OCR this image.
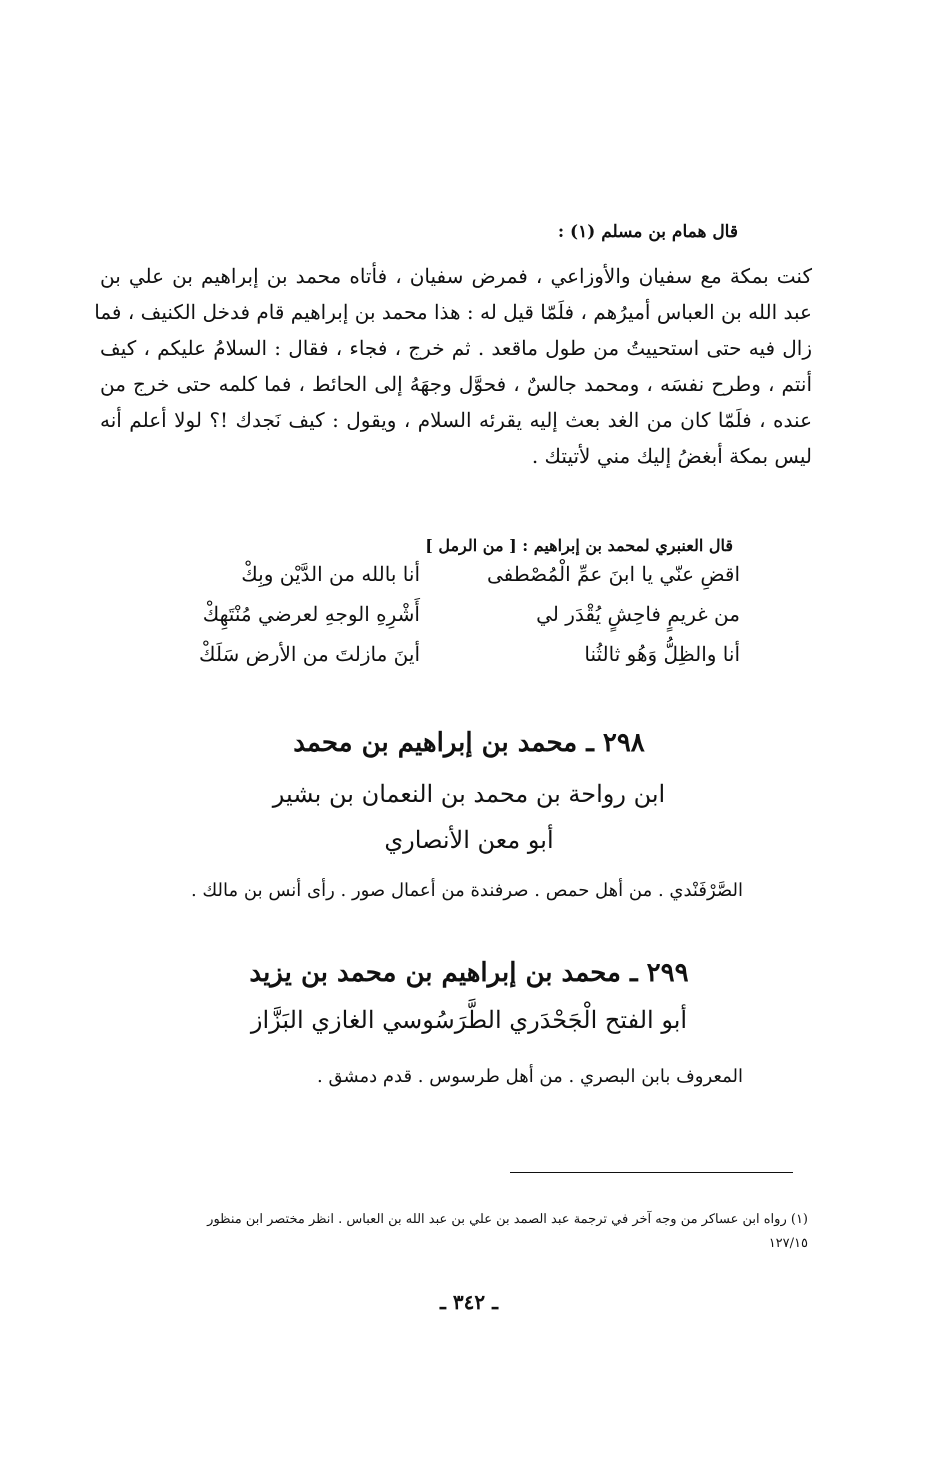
قال همام بن مسلم (١) :
كنت بمكة مع سفيان والأوزاعي ، فمرض سفيان ، فأتاه محمد بن إبراهيم بن علي بن
عبد الله بن العباس أميرُهم ، فلَمّا قيل له : هذا محمد بن إبراهيم قام فدخل الكنيف ، فما
زال فيه حتى استحييتُ من طول ماقعد . ثم خرج ، فجاء ، فقال : السلامُ عليكم ، كيف
أنتم ، وطرح نفسَه ، ومحمد جالسٌ ، فحوَّل وجهَهُ إلى الحائط ، فما كلمه حتى خرج من
عنده ، فلَمّا كان من الغد بعث إليه يقرئه السلام ، ويقول : كيف نَجدك !؟ لولا أعلم أنه
ليس بمكة أبغضُ إليك مني لأتيتك .
قال العنبري لمحمد بن إبراهيم : [ من الرمل ]
اقضِ عنّي يا ابنَ عمِّ الْمُصْطفى
أنا بالله من الدَّيْن وبِكْ
من غريمٍ فاحِشٍ يُقْدَر لي
أَشْرِهِ الوجهِ لعرضي مُنْتَهِكْ
أنا والظِلُّ وَهُو ثالثُنا
أينَ مازلتَ من الأرض سَلَكْ
٢٩٨ ـ محمد بن إبراهيم بن محمد
ابن رواحة بن محمد بن النعمان بن بشير
أبو معن الأنصاري
الصَّرْفَنْدي . من أهل حمص . صرفندة من أعمال صور . رأى أنس بن مالك .
٢٩٩ ـ محمد بن إبراهيم بن محمد بن يزيد
أبو الفتح الْجَحْدَري الطَّرَسُوسي الغازي البَزَّاز
المعروف بابن البصري . من أهل طرسوس . قدم دمشق .
(١) رواه ابن عساكر من وجه آخر في ترجمة عبد الصمد بن علي بن عبد الله بن العباس . انظر مختصر ابن منظور
١٢٧/١٥
ـ ٣٤٢ ـ
